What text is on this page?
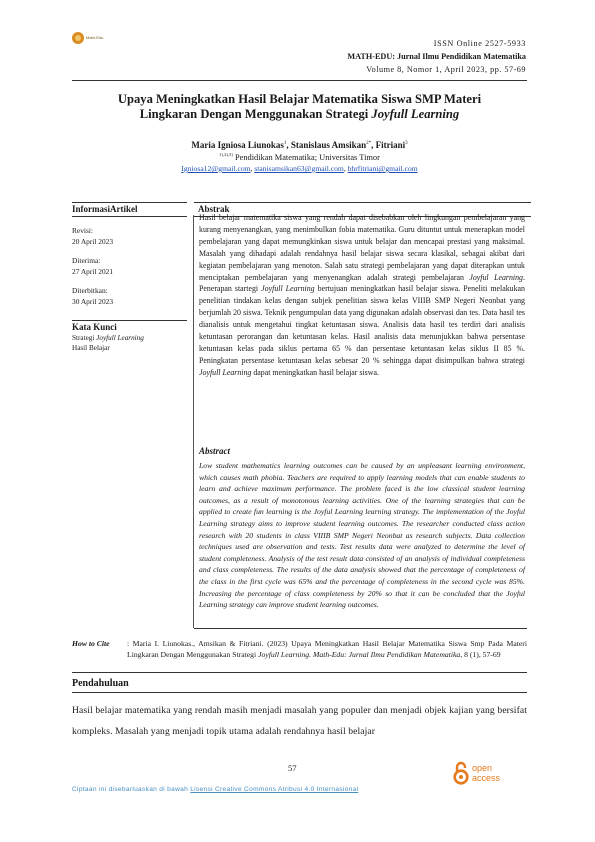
Math-Edu
ISSN Online 2527-5933
MATH-EDU: Jurnal Ilmu Pendidikan Matematika
Volume 8, Nomor 1, April 2023, pp. 57-69
Upaya Meningkatkan Hasil Belajar Matematika Siswa SMP Materi
Lingkaran Dengan Menggunakan Strategi Joyfull Learning
Maria Igniosa Liunokas$^1$, Stanislaus Amsikan$^{2*}$, Fitriani$^3$
$^{1),2),3)}$ Pendidikan Matematika; Universitas Timor
Igniosa12@gmail.com, stanisamsikan63@gmail.com, bhrfitriani@gmail.com
InformasiArtikel	Abstrak
Revisi:
20 April 2023
Diterima:
27 April 2021
Diterbitkan:
30 April 2023
Kata Kunci
Strategi Joyfull Learning
Hasil Belajar
Hasil belajar matematika siswa yang rendah dapat disebabkan oleh lingkungan pembelajaran yang kurang menyenangkan, yang menimbulkan fobia matematika. Guru dituntut untuk menerapkan model pembelajaran yang dapat memungkinkan siswa untuk belajar dan mencapai prestasi yang maksimal. Masalah yang dihadapi adalah rendahnya hasil belajar siswa secara klasikal, sebagai akibat dari kegiatan pembelajaran yang menoton. Salah satu strategi pembelajaran yang dapat diterapkan untuk menciptakan pembelajaran yang menyenangkan adalah strategi pembelajaran Joyful Learning. Penerapan startegi Joyfull Learning bertujuan meningkatkan hasil belajar siswa. Peneliti melakukan penelitian tindakan kelas dengan subjek penelitian siswa kelas VIIIB SMP Negeri Neonbat yang berjumlah 20 siswa. Teknik pengumpulan data yang digunakan adalah observasi dan tes. Data hasil tes dianalisis untuk mengetahui tingkat ketuntasan siswa. Analisis data hasil tes terdiri dari analisis ketuntasan perorangan dan ketuntasan kelas. Hasil analisis data menunjukkan bahwa persentase ketuntasan kelas pada siklus pertama 65 % dan persentase ketuntasan kelas siklus II 85 %. Peningkatan persentase ketuntasan kelas sebesar 20 % sehingga dapat disimpulkan bahwa strategi Joyfull Learning dapat meningkatkan hasil belajar siswa.
Abstract
Low student mathematics learning outcomes can be caused by an unpleasant learning environment, which causes math phobia. Teachers are required to apply learning models that can enable students to learn and achieve maximum performance. The problem faced is the low classical student learning outcomes, as a result of monotonous learning activities. One of the learning strategies that can be applied to create fun learning is the Joyful Learning learning strategy. The implementation of the Joyful Learning strategy aims to improve student learning outcomes. The researcher conducted class action research with 20 students in class VIIIB SMP Negeri Neonbat as research subjects. Data collection techniques used are observation and tests. Test results data were analyzed to determine the level of student completeness. Analysis of the test result data consisted of an analysis of individual completeness and class completeness. The results of the data analysis showed that the percentage of completeness of the class in the first cycle was 65% and the percentage of completeness in the second cycle was 85%. Increasing the percentage of class completeness by 20% so that it can be concluded that the Joyful Learning strategy can improve student learning outcomes.
How to Cite	: Maria I. Liunokas., Amsikan & Fitriani. (2023) Upaya Meningkatkan Hasil Belajar Matematika Siswa Smp Pada Materi Lingkaran Dengan Menggunakan Strategi Joyfull Learning. Math-Edu: Jurnal Ilmu Pendidikan Matematika, 8 (1), 57-69
Pendahuluan
Hasil belajar matematika yang rendah masih menjadi masalah yang populer dan menjadi objek kajian yang bersifat kompleks. Masalah yang menjadi topik utama adalah rendahnya hasil belajar
57	open
access
Ciptaan ini disebarluaskan di bawah Lisensi Creative Commons Atribusi 4.0 Internasional
